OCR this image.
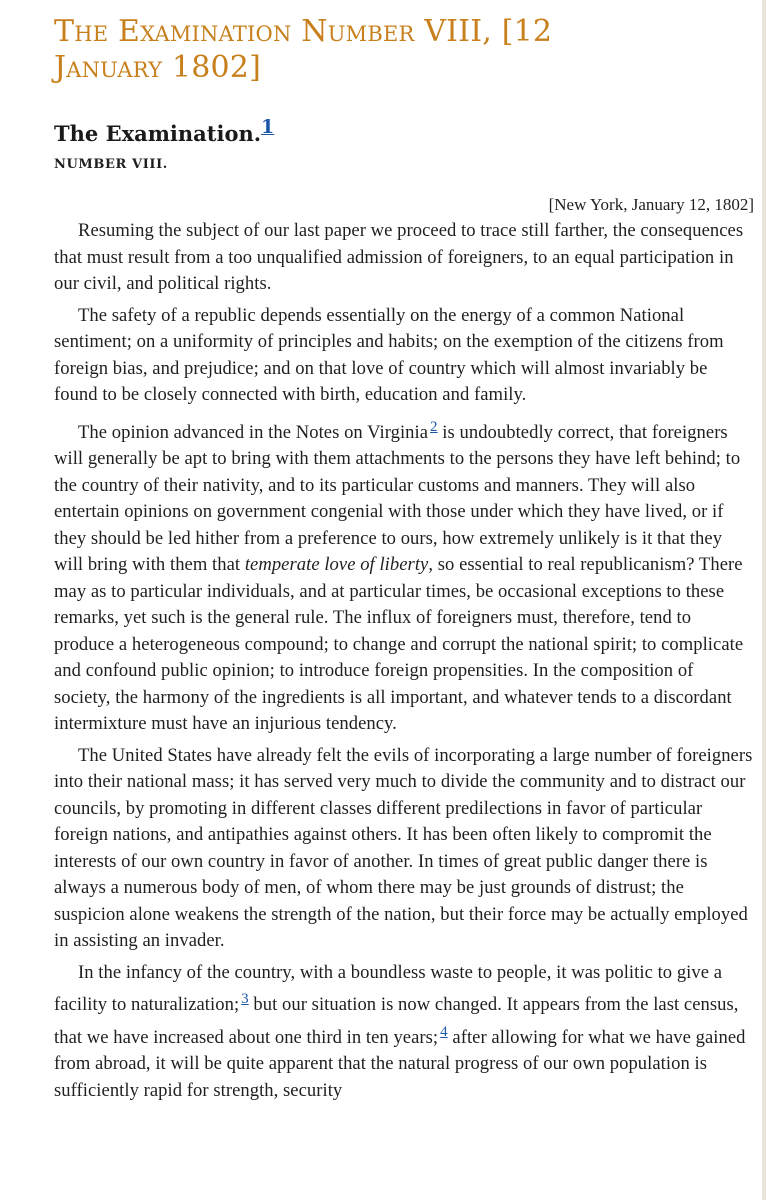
The Examination Number VIII, [12
January 1802]
The Examination.1
NUMBER VIII.
[New York, January 12, 1802]

Resuming the subject of our last paper we proceed to trace still farther, the consequences that must result from a too unqualified admission of foreigners, to an equal participation in our civil, and political rights.

The safety of a republic depends essentially on the energy of a common National sentiment; on a uniformity of principles and habits; on the exemption of the citizens from foreign bias, and prejudice; and on that love of country which will almost invariably be found to be closely connected with birth, education and family.

The opinion advanced in the Notes on Virginia $^2$ is undoubtedly correct, that foreigners will generally be apt to bring with them attachments to the persons they have left behind; to the country of their nativity, and to its particular customs and manners. They will also entertain opinions on government congenial with those under which they have lived, or if they should be led hither from a preference to ours, how extremely unlikely is it that they will bring with them that temperate love of liberty, so essential to real republicanism? There may as to particular individuals, and at particular times, be occasional exceptions to these remarks, yet such is the general rule. The influx of foreigners must, therefore, tend to produce a heterogeneous compound; to change and corrupt the national spirit; to complicate and confound public opinion; to introduce foreign propensities. In the composition of society, the harmony of the ingredients is all important, and whatever tends to a discordant intermixture must have an injurious tendency.

The United States have already felt the evils of incorporating a large number of foreigners into their national mass; it has served very much to divide the community and to distract our councils, by promoting in different classes different predilections in favor of particular foreign nations, and antipathies against others. It has been often likely to compromit the interests of our own country in favor of another. In times of great public danger there is always a numerous body of men, of whom there may be just grounds of distrust; the suspicion alone weakens the strength of the nation, but their force may be actually employed in assisting an invader.

In the infancy of the country, with a boundless waste to people, it was politic to give a facility to naturalization; $^3$ but our situation is now changed. It appears from the last census, that we have increased about one third in ten years; $^4$ after allowing for what we have gained from abroad, it will be quite apparent that the natural progress of our own population is sufficiently rapid for strength, security
